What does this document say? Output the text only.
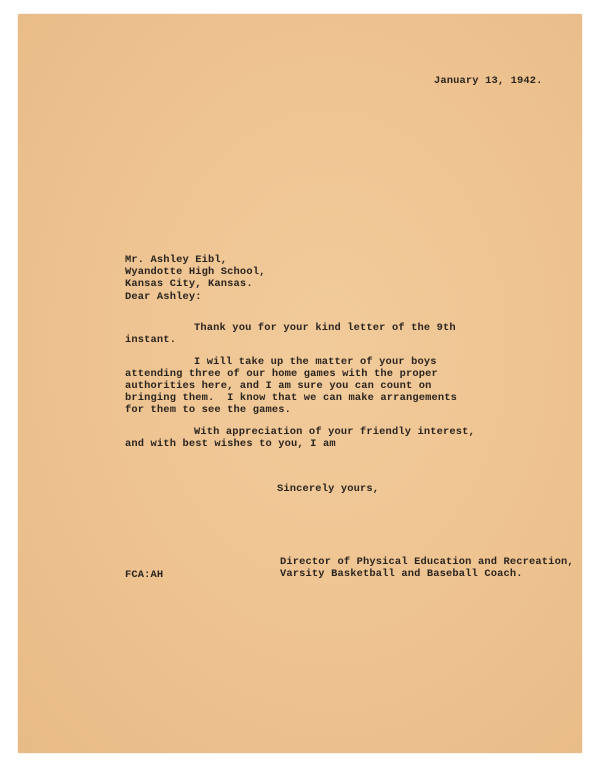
January 13, 1942.
Mr. Ashley Eibl,
Wyandotte High School,
Kansas City, Kansas.
Dear Ashley:
Thank you for your kind letter of the 9th
instant.
I will take up the matter of your boys
attending three of our home games with the proper
authorities here, and I am sure you can count on
bringing them.  I know that we can make arrangements
for them to see the games.
With appreciation of your friendly interest,
and with best wishes to you, I am
Sincerely yours,
Director of Physical Education and Recreation,
Varsity Basketball and Baseball Coach.
FCA:AH
